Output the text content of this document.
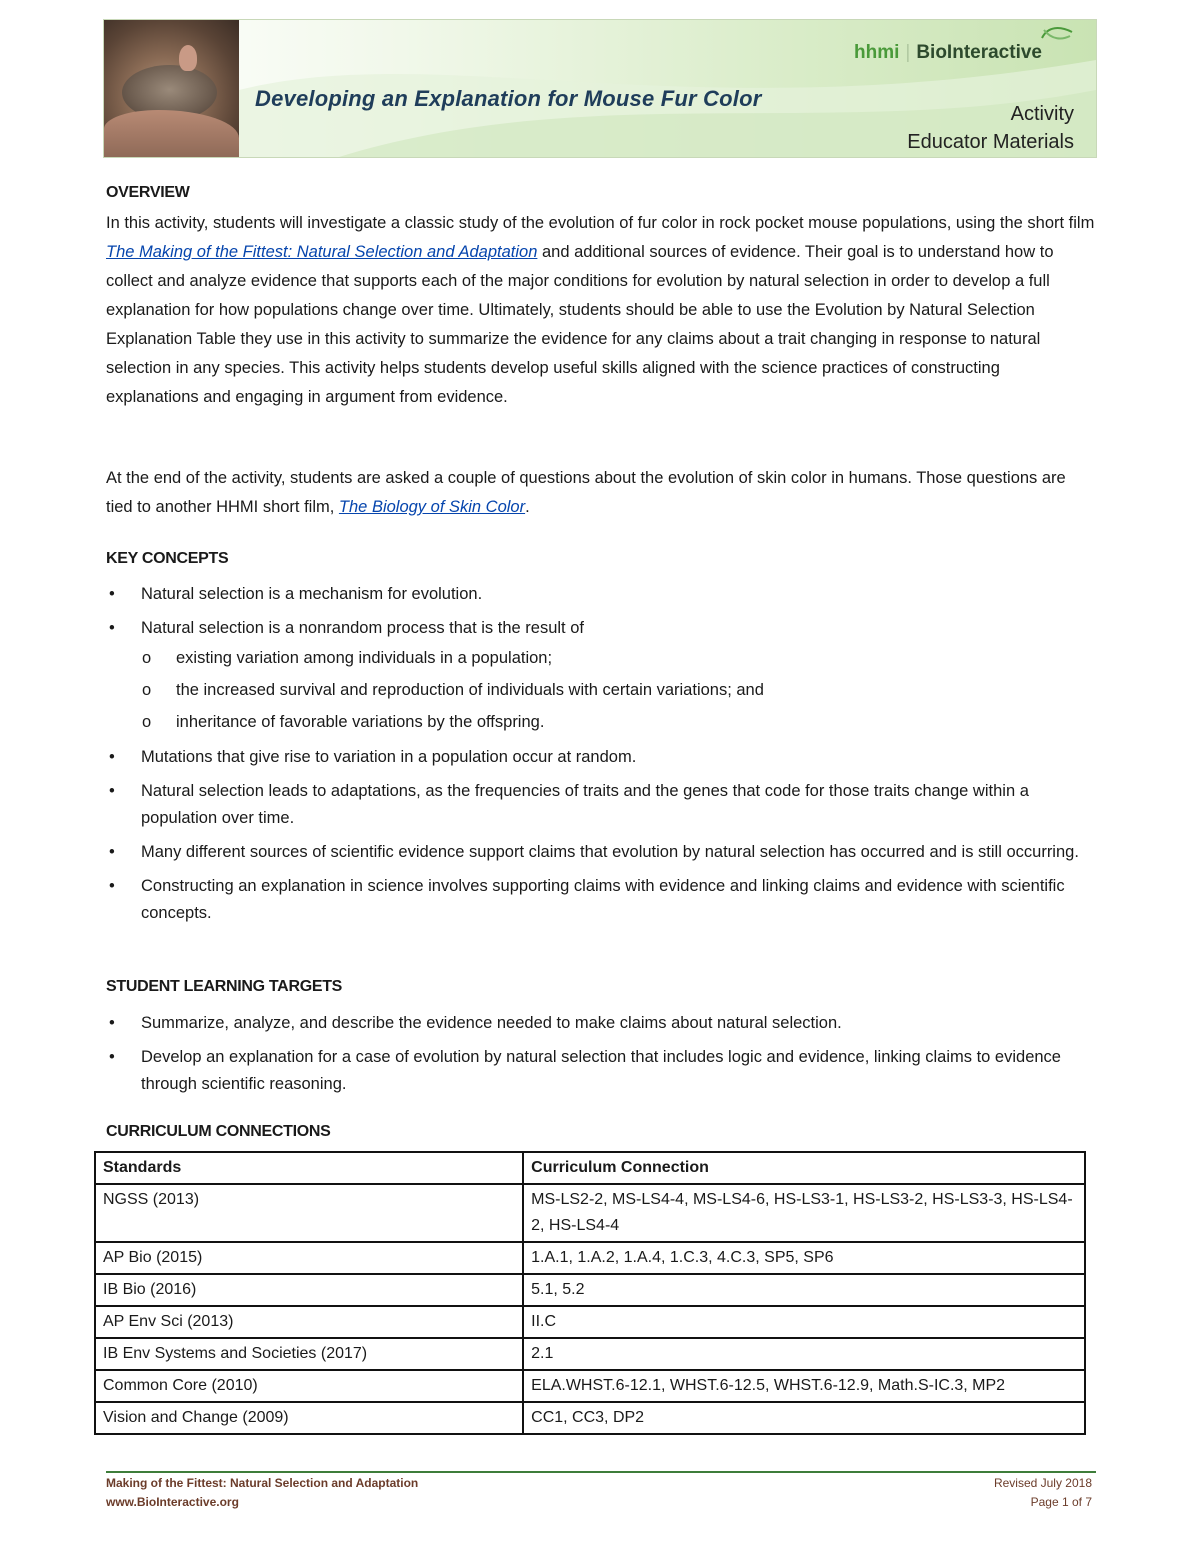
hhmi | BioInteractive
Developing an Explanation for Mouse Fur Color
Activity
Educator Materials
OVERVIEW
In this activity, students will investigate a classic study of the evolution of fur color in rock pocket mouse populations, using the short film The Making of the Fittest: Natural Selection and Adaptation and additional sources of evidence. Their goal is to understand how to collect and analyze evidence that supports each of the major conditions for evolution by natural selection in order to develop a full explanation for how populations change over time. Ultimately, students should be able to use the Evolution by Natural Selection Explanation Table they use in this activity to summarize the evidence for any claims about a trait changing in response to natural selection in any species. This activity helps students develop useful skills aligned with the science practices of constructing explanations and engaging in argument from evidence.
At the end of the activity, students are asked a couple of questions about the evolution of skin color in humans. Those questions are tied to another HHMI short film, The Biology of Skin Color.
KEY CONCEPTS
• Natural selection is a mechanism for evolution.
• Natural selection is a nonrandom process that is the result of
o existing variation among individuals in a population;
o the increased survival and reproduction of individuals with certain variations; and
o inheritance of favorable variations by the offspring.
• Mutations that give rise to variation in a population occur at random.
• Natural selection leads to adaptations, as the frequencies of traits and the genes that code for those traits change within a population over time.
• Many different sources of scientific evidence support claims that evolution by natural selection has occurred and is still occurring.
• Constructing an explanation in science involves supporting claims with evidence and linking claims and evidence with scientific concepts.
STUDENT LEARNING TARGETS
• Summarize, analyze, and describe the evidence needed to make claims about natural selection.
• Develop an explanation for a case of evolution by natural selection that includes logic and evidence, linking claims to evidence through scientific reasoning.
CURRICULUM CONNECTIONS
Standards	Curriculum Connection
NGSS (2013)	MS-LS2-2, MS-LS4-4, MS-LS4-6, HS-LS3-1, HS-LS3-2, HS-LS3-3, HS-LS4-2, HS-LS4-4
AP Bio (2015)	1.A.1, 1.A.2, 1.A.4, 1.C.3, 4.C.3, SP5, SP6
IB Bio (2016)	5.1, 5.2
AP Env Sci (2013)	II.C
IB Env Systems and Societies (2017)	2.1
Common Core (2010)	ELA.WHST.6-12.1, WHST.6-12.5, WHST.6-12.9, Math.S-IC.3, MP2
Vision and Change (2009)	CC1, CC3, DP2
Making of the Fittest: Natural Selection and Adaptation
www.BioInteractive.org
Revised July 2018
Page 1 of 7
